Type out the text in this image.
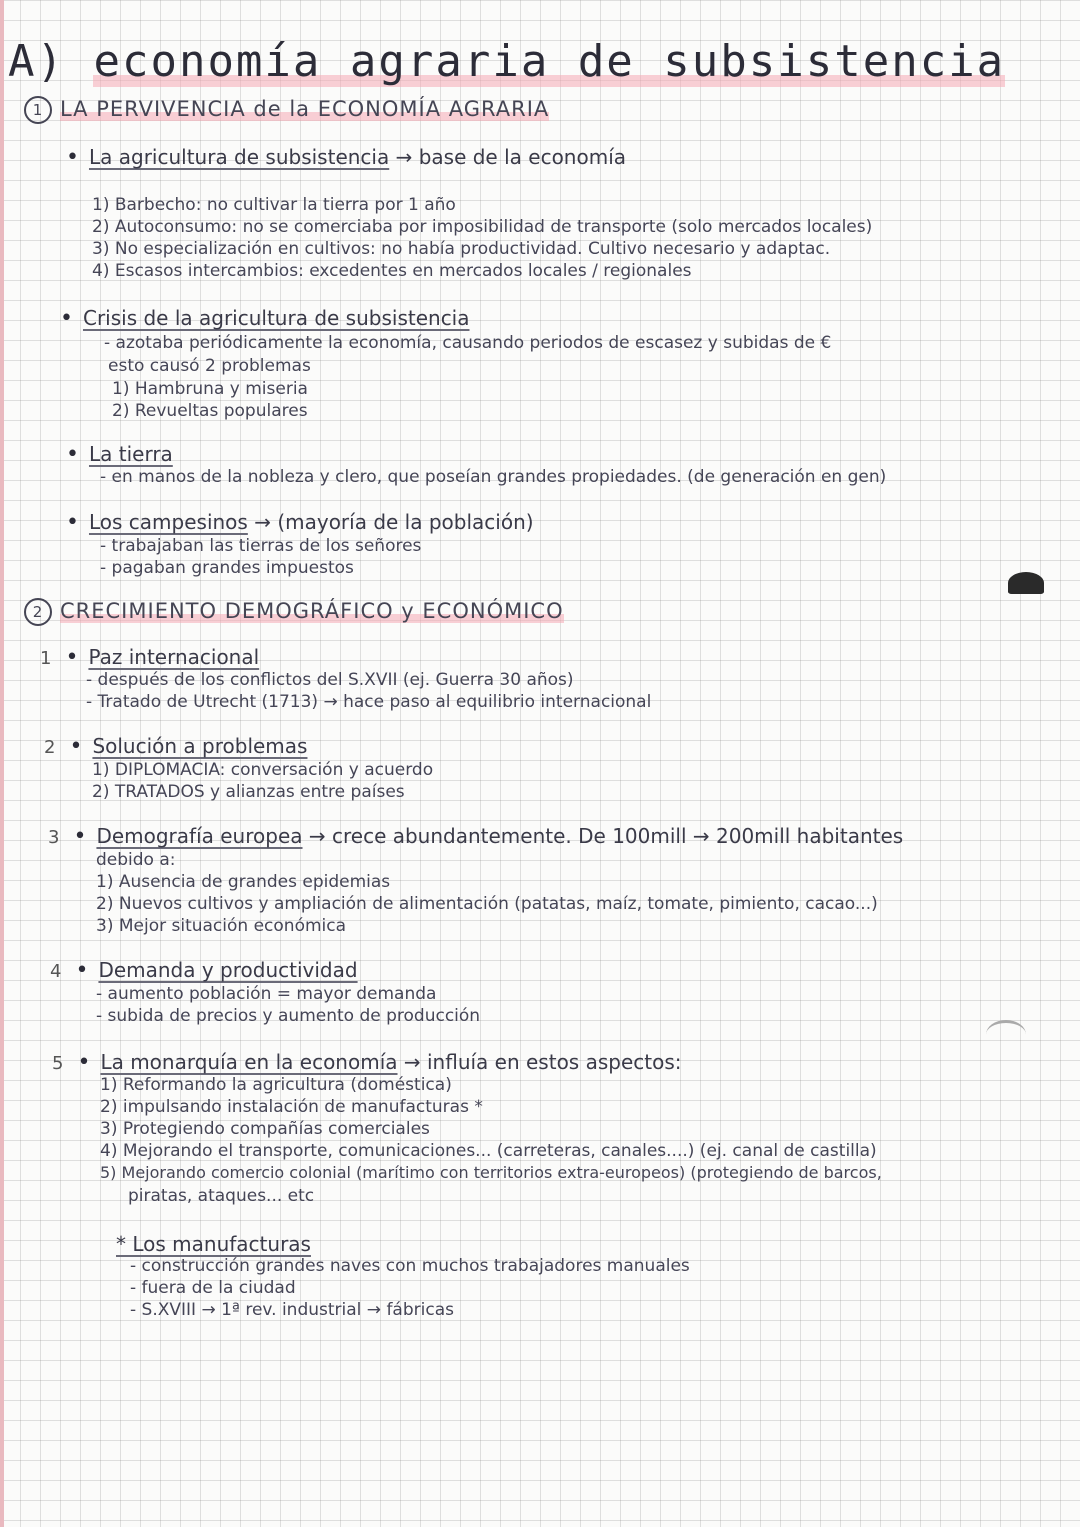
A) economía agraria de subsistencia
1 LA PERVIVENCIA de la ECONOMÍA AGRARIA
• La agricultura de subsistencia → base de la economía
1) Barbecho: no cultivar la tierra por 1 año
2) Autoconsumo: no se comerciaba por imposibilidad de transporte (solo mercados locales)
3) No especialización en cultivos: no había productividad. Cultivo necesario y adaptac.
4) Escasos intercambios: excedentes en mercados locales / regionales
• Crisis de la agricultura de subsistencia
- azotaba periódicamente la economía, causando periodos de escasez y subidas de €
esto causó 2 problemas
1) Hambruna y miseria
2) Revueltas populares
• La tierra
- en manos de la nobleza y clero, que poseían grandes propiedades. (de generación en gen)
• Los campesinos → (mayoría de la población)
- trabajaban las tierras de los señores
- pagaban grandes impuestos
2 CRECIMIENTO DEMOGRÁFICO y ECONÓMICO
1 • Paz internacional
- después de los conflictos del S.XVII (ej. Guerra 30 años)
- Tratado de Utrecht (1713) → hace paso al equilibrio internacional
2 • Solución a problemas
1) DIPLOMACIA: conversación y acuerdo
2) TRATADOS y alianzas entre países
3 • Demografía europea → crece abundantemente. De 100mill → 200mill habitantes
debido a:
1) Ausencia de grandes epidemias
2) Nuevos cultivos y ampliación de alimentación (patatas, maíz, tomate, pimiento, cacao...)
3) Mejor situación económica
4 • Demanda y productividad
- aumento población = mayor demanda
- subida de precios y aumento de producción
5 • La monarquía en la economía → influía en estos aspectos:
1) Reformando la agricultura (doméstica)
2) impulsando instalación de manufacturas *
3) Protegiendo compañías comerciales
4) Mejorando el transporte, comunicaciones... (carreteras, canales....) (ej. canal de castilla)
5) Mejorando comercio colonial (marítimo con territorios extra-europeos) (protegiendo de barcos,
piratas, ataques... etc
* Los manufacturas
- construcción grandes naves con muchos trabajadores manuales
- fuera de la ciudad
- S.XVIII → 1ª rev. industrial → fábricas
